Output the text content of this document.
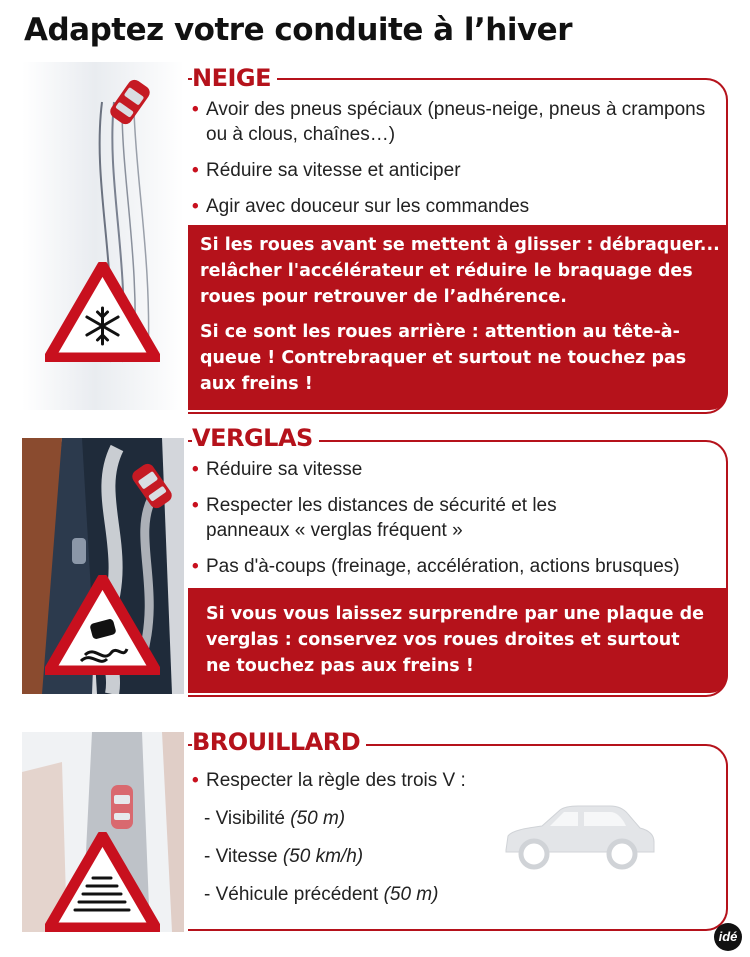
Adaptez votre conduite à l’hiver
NEIGE
• Avoir des pneus spéciaux (pneus-neige, pneus à crampons ou à clous, chaînes…)
• Réduire sa vitesse et anticiper
• Agir avec douceur sur les commandes

Si les roues avant se mettent à glisser : débraquer... relâcher l'accélérateur et réduire le braquage des roues pour retrouver de l’adhérence.

Si ce sont les roues arrière : attention au tête-à-queue ! Contrebraquer et surtout ne touchez pas aux freins !

VERGLAS
• Réduire sa vitesse
• Respecter les distances de sécurité et les panneaux « verglas fréquent »
• Pas d'à-coups (freinage, accélération, actions brusques)

Si vous vous laissez surprendre par une plaque de verglas : conservez vos roues droites et surtout ne touchez pas aux freins !

BROUILLARD
• Respecter la règle des trois V :
- Visibilité (50 m)
- Vitesse (50 km/h)
- Véhicule précédent (50 m)
idé
